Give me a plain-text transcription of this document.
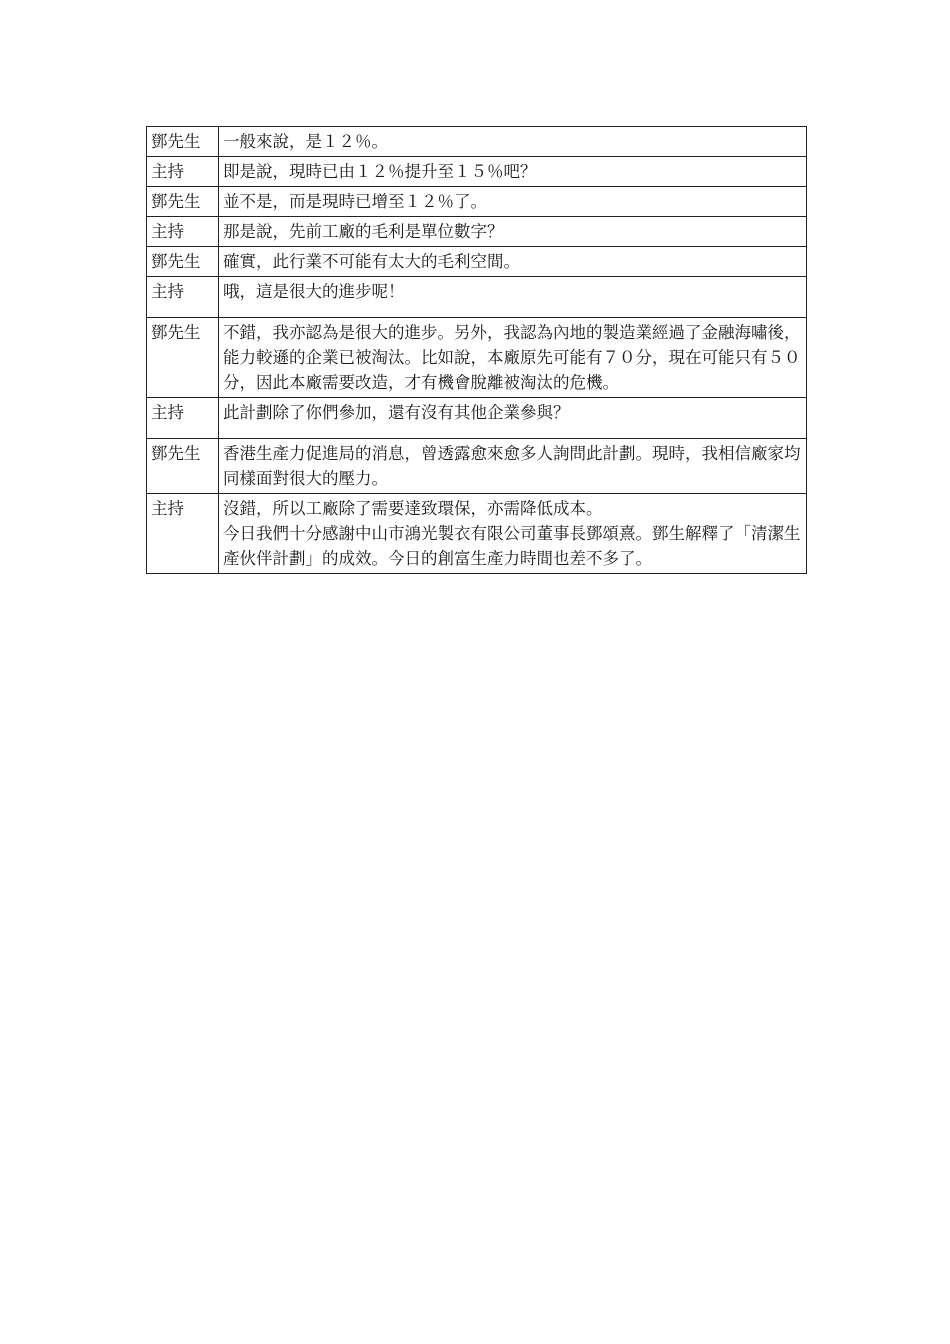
鄧先生	一般來說，是１２％。

主持	即是說，現時已由１２％提升至１５％吧？

鄧先生	並不是，而是現時已增至１２％了。

主持	那是說，先前工廠的毛利是單位數字？

鄧先生	確實，此行業不可能有太大的毛利空間。

主持	哦，這是很大的進步呢！

鄧先生	不錯，我亦認為是很大的進步。另外，我認為內地的製造業經過了金融海嘯後，能力較遜的企業已被淘汰。比如說，本廠原先可能有７０分，現在可能只有５０分，因此本廠需要改造，才有機會脫離被淘汰的危機。

主持	此計劃除了你們參加，還有沒有其他企業參與？

鄧先生	香港生產力促進局的消息，曾透露愈來愈多人詢問此計劃。現時，我相信廠家均同樣面對很大的壓力。

主持	沒錯，所以工廠除了需要達致環保，亦需降低成本。

今日我們十分感謝中山市鴻光製衣有限公司董事長鄧頌熹。鄧生解釋了「清潔生產伙伴計劃」的成效。今日的創富生產力時間也差不多了。
